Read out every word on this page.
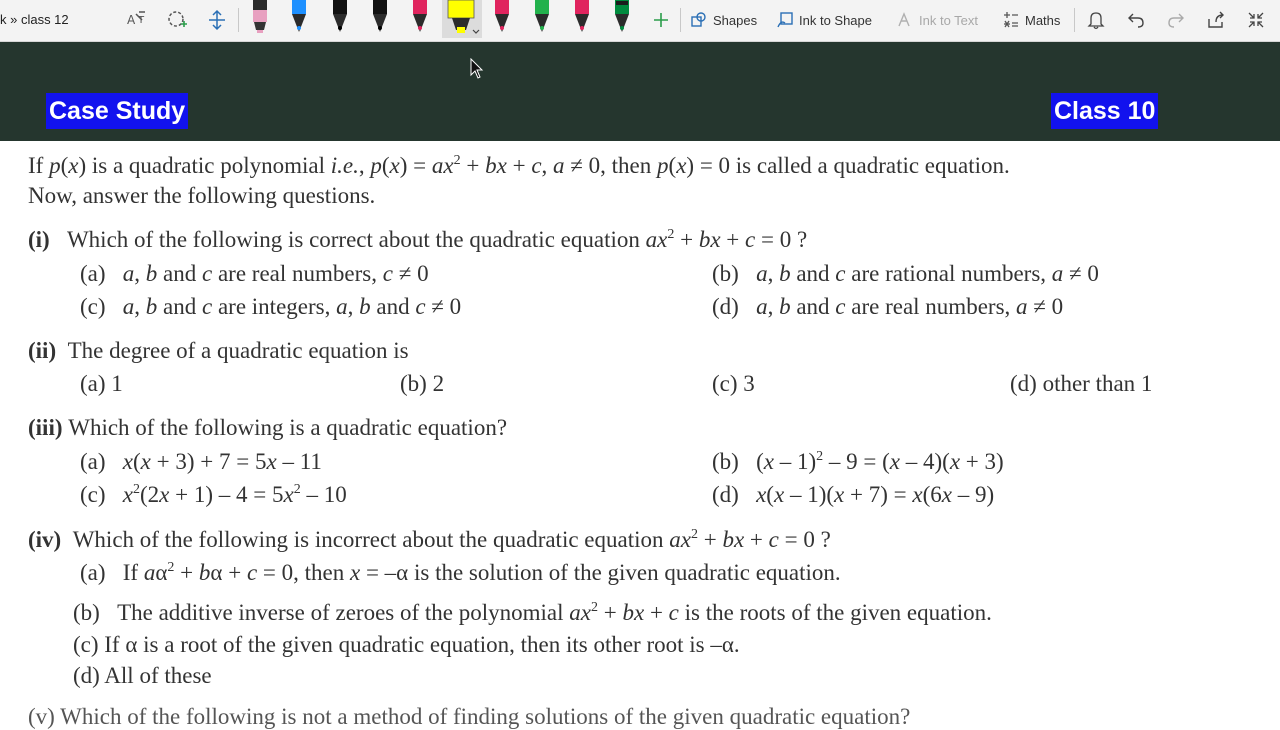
k » class 12	A T	Shapes	Ink to Shape	Ink to Text	Maths
Case Study	Class 10
If p(x) is a quadratic polynomial i.e., $p(x) = ax^2$ + bx + c, a ≠ 0, then p(x) = 0 is called a quadratic equation.
Now, answer the following questions.
(i)   Which of the following is correct about the quadratic equation $ax^2$ + bx + c = 0 ?
(a)   a, b and c are real numbers, c ≠ 0	(b)   a, b and c are rational numbers, a ≠ 0
(c)   a, b and c are integers, a, b and c ≠ 0	(d)   a, b and c are real numbers, a ≠ 0
(ii) The degree of a quadratic equation is
(a) 1	(b) 2	(c) 3	(d) other than 1
(iii) Which of the following is a quadratic equation?
(a)   x(x + 3) + 7 = 5x – 11	(b)   (x – 1)$^2$ – 9 = (x – 4)(x + 3)
(c)   $x^2(2x + 1) - 4 = 5x^2 - 10$	(d)   x(x – 1)(x + 7) = x(6x – 9)
(iv)  Which of the following is incorrect about the quadratic equation $ax^2$ + bx + c = 0 ?
(a)   If $a\alpha^2 + b\alpha + c = 0$, then x = –α is the solution of the given quadratic equation.
(b)   The additive inverse of zeroes of the polynomial $ax^2$ + bx + c is the roots of the given equation.
(c) If α is a root of the given quadratic equation, then its other root is –α.
(d) All of these
(v) Which of the following is not a method of finding solutions of the given quadratic equation?
